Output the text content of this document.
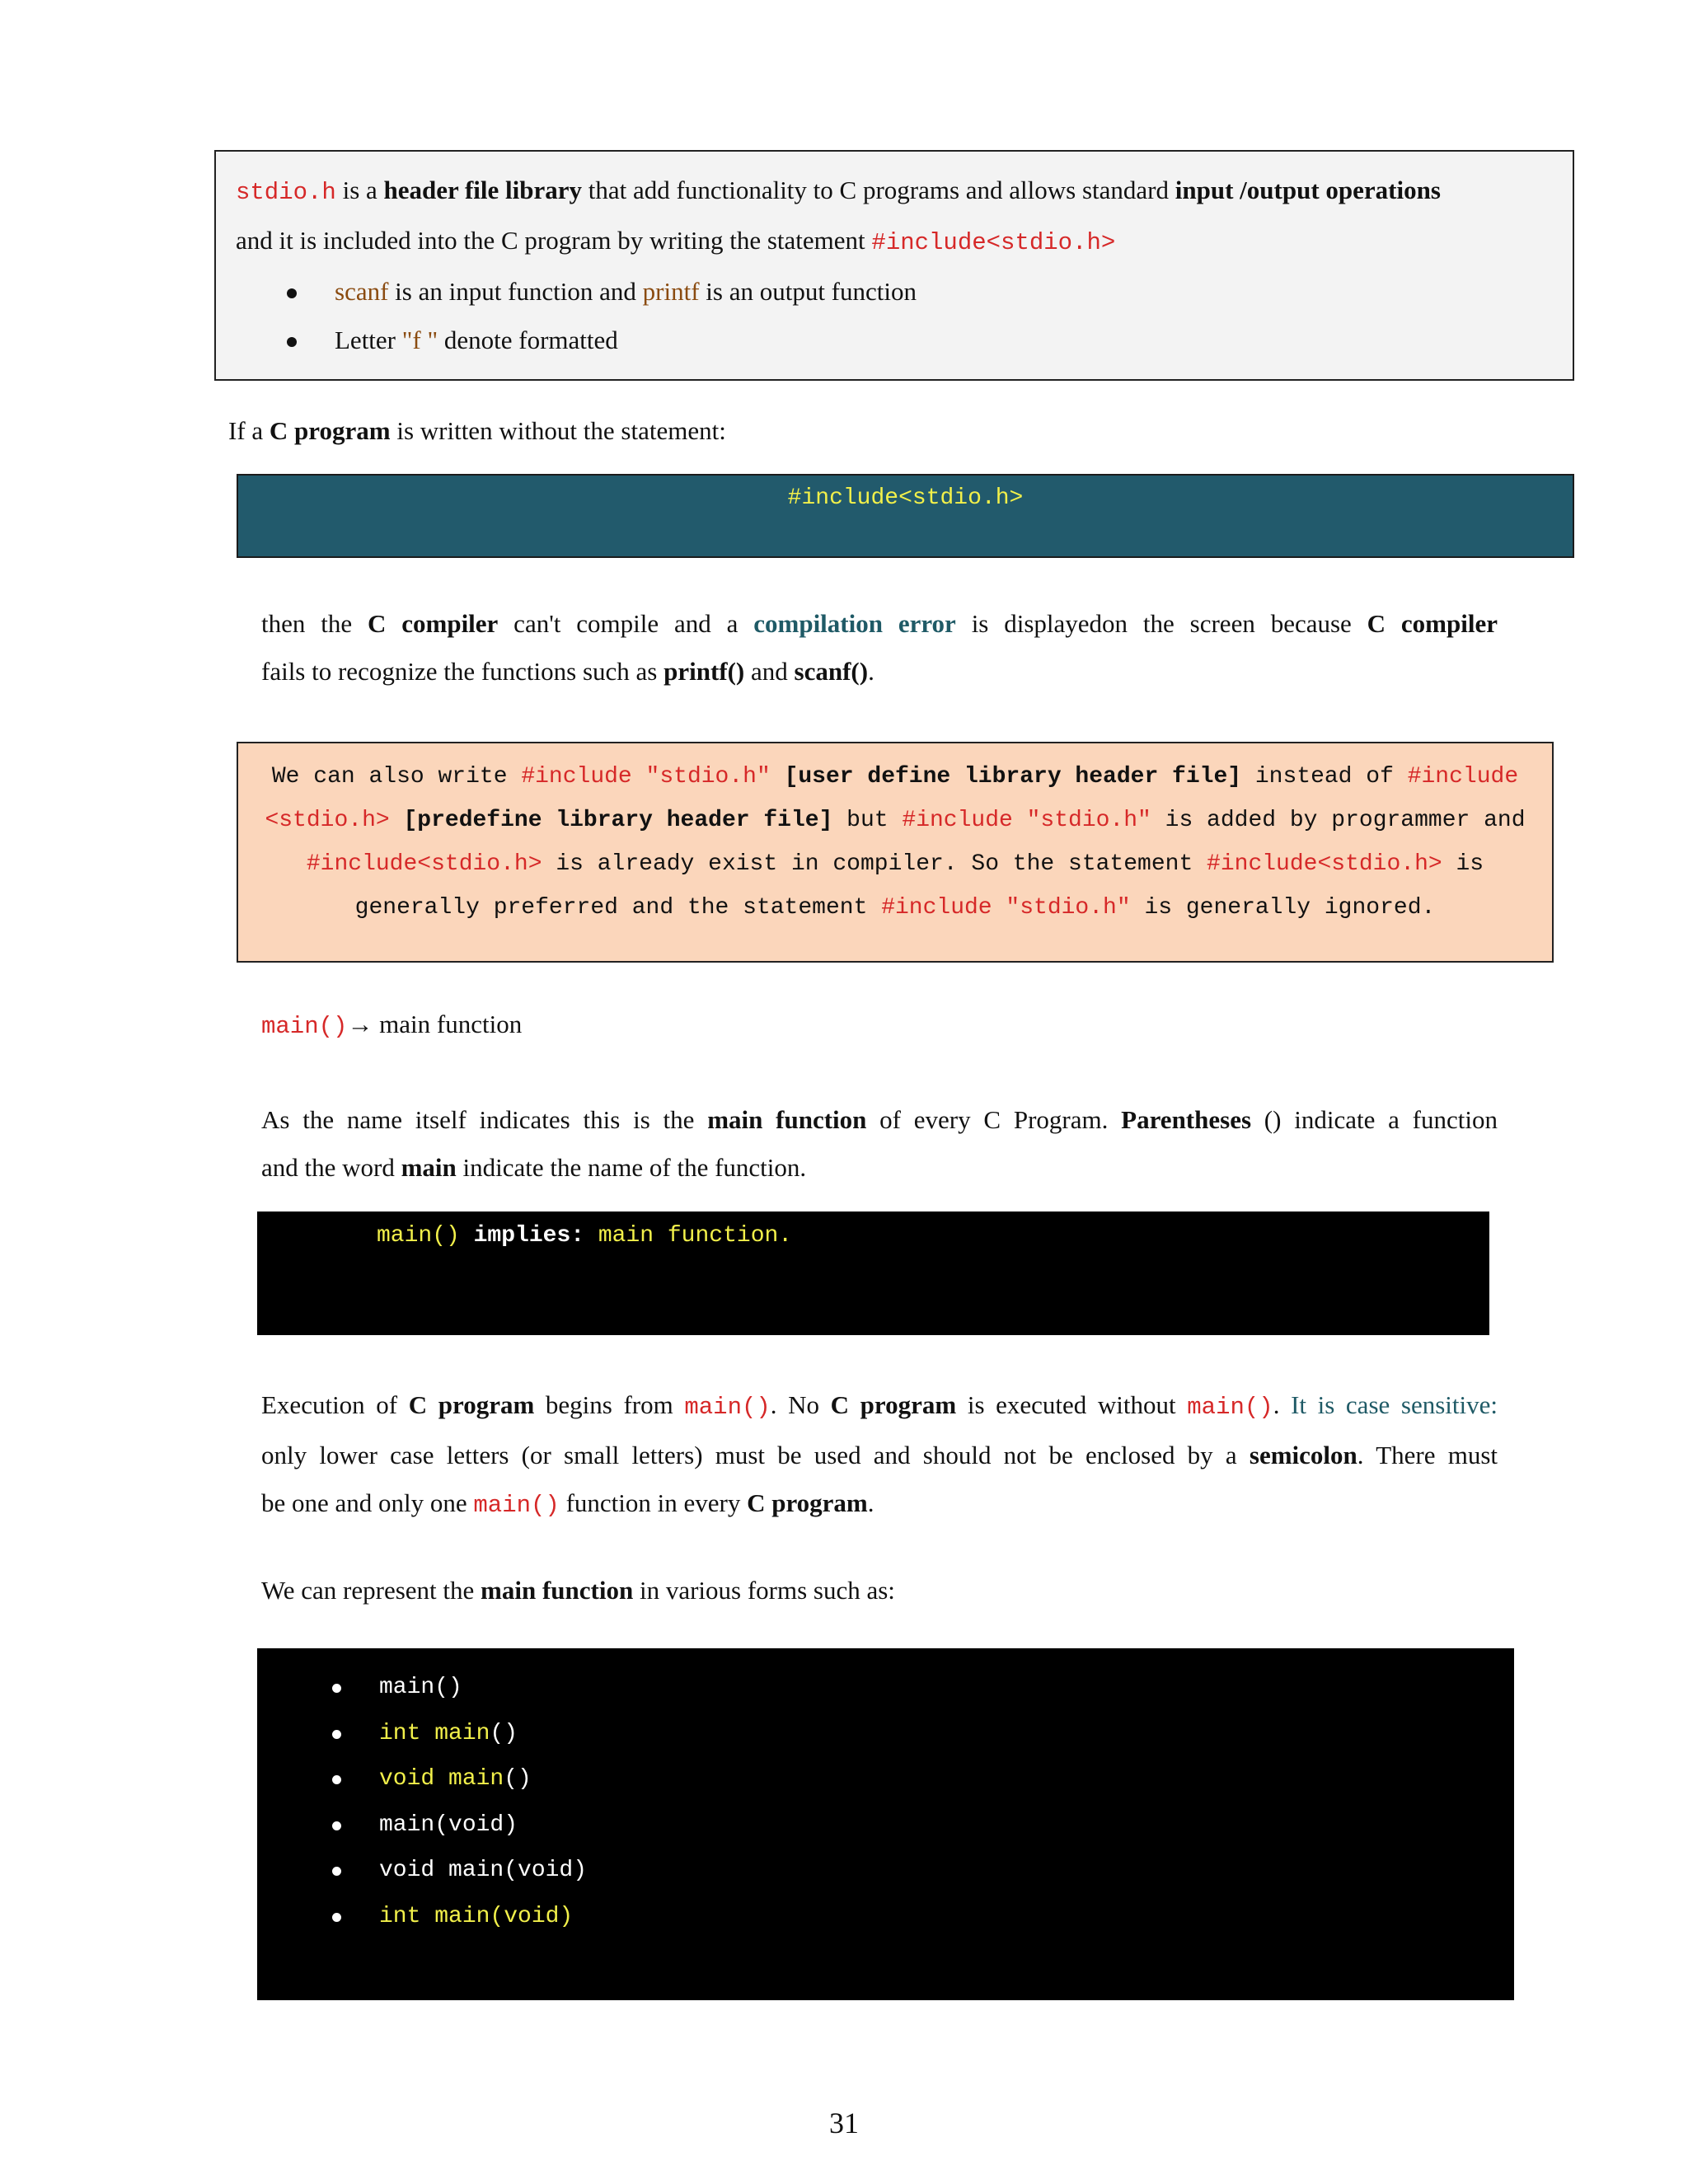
stdio.h is a header file library that add functionality to C programs and allows standard input /output operations
and it is included into the C program by writing the statement #include<stdio.h>
scanf is an input function and printf is an output function
Letter "f " denote formatted
If a C program is written without the statement:
#include<stdio.h>
then the C compiler can't compile and a compilation error is displayedon the screen because C compiler
fails to recognize the functions such as printf() and scanf().
We can also write #include "stdio.h" [user define library header file] instead of #include <stdio.h> [predefine library header file] but #include "stdio.h" is added by programmer and #include<stdio.h> is already exist in compiler. So the statement #include<stdio.h> is generally preferred and the statement #include "stdio.h" is generally ignored.
main()→ main function
As the name itself indicates this is the main function of every C Program. Parentheses () indicate a function
and the word main indicate the name of the function.
main() implies: main function.
Execution of C program begins from main(). No C program is executed without main(). It is case sensitive:
only lower case letters (or small letters) must be used and should not be enclosed by a semicolon. There must
be one and only one main() function in every C program.
We can represent the main function in various forms such as:
main()
int main()
void main()
main(void)
void main(void)
int main(void)
31
